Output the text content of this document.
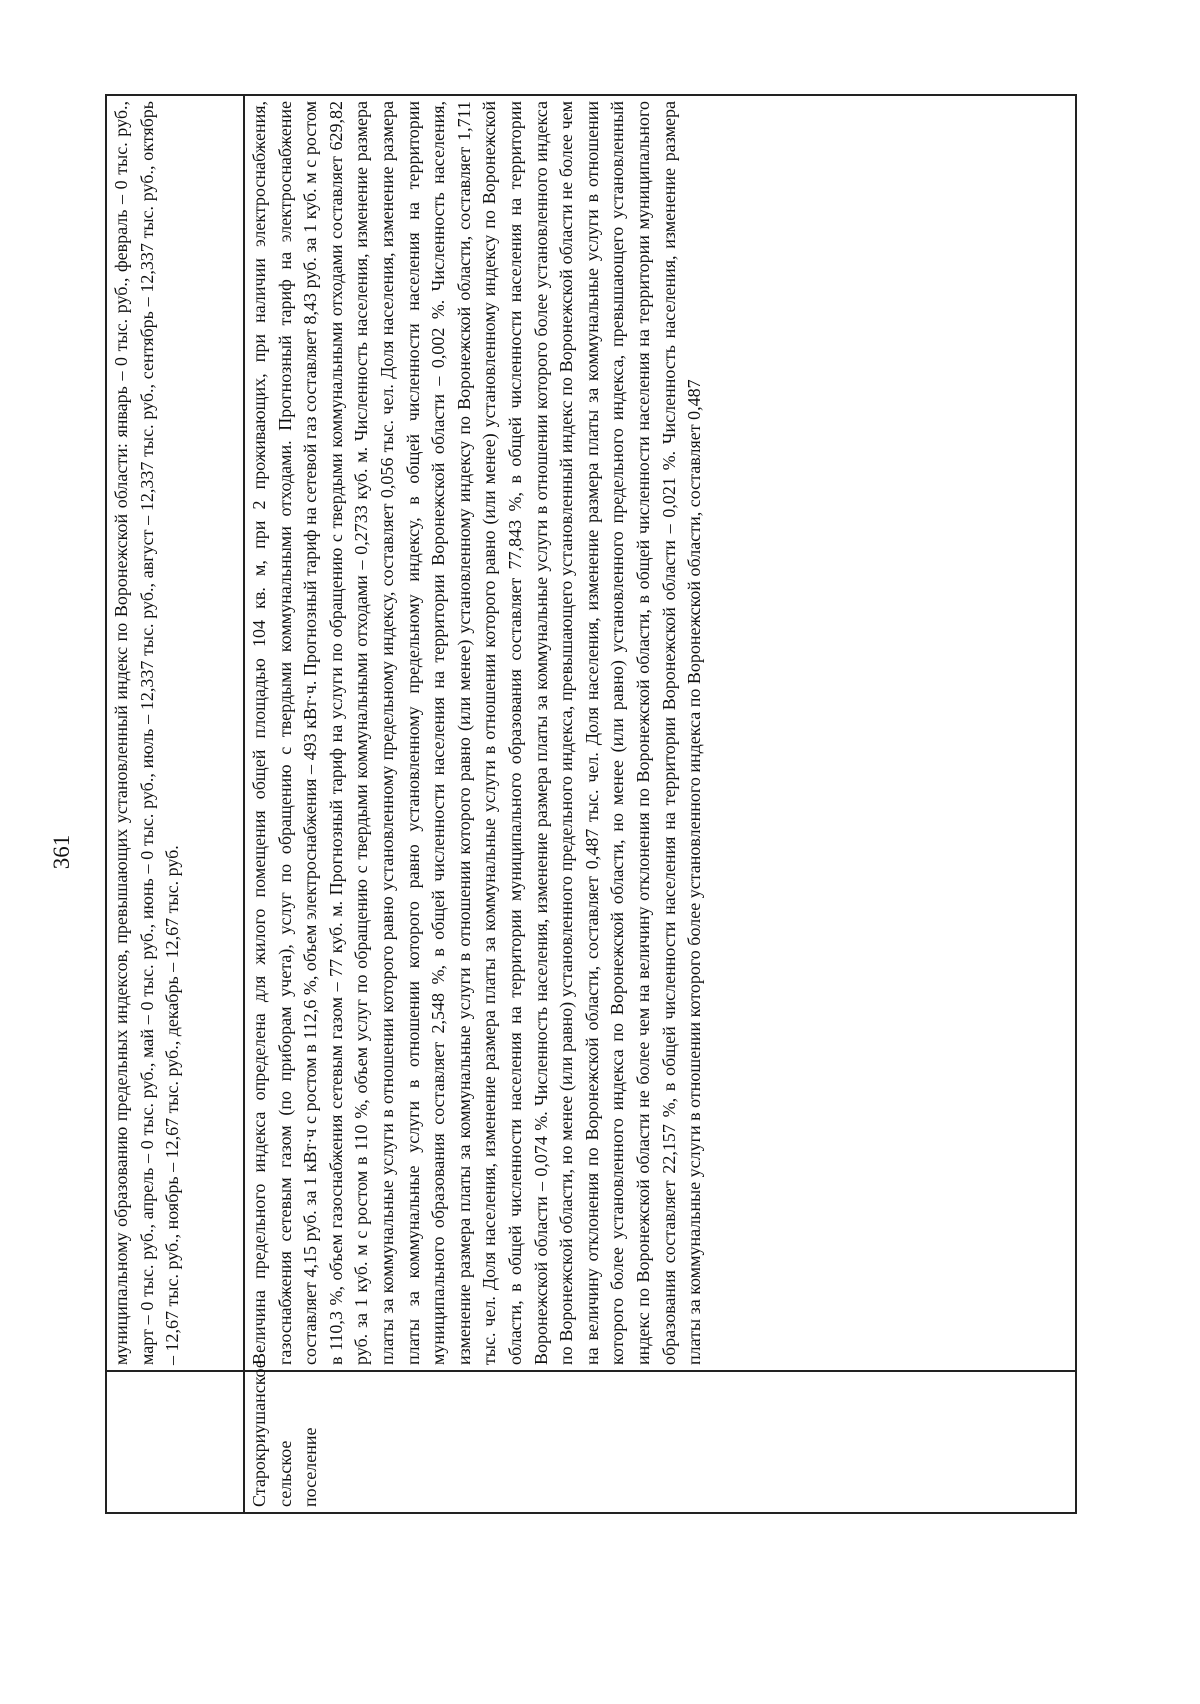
361
	муниципальному образованию предельных индексов, превышающих установленный индекс по Воронежской области: январь – 0 тыс. руб., февраль – 0 тыс. руб., март – 0 тыс. руб., апрель – 0 тыс. руб., май – 0 тыс. руб., июнь – 0 тыс. руб., июль – 12,337 тыс. руб., август – 12,337 тыс. руб., сентябрь – 12,337 тыс. руб., октябрь – 12,67 тыс. руб., ноябрь – 12,67 тыс. руб., декабрь – 12,67 тыс. руб.
Старокриушанское сельское поселение	Величина предельного индекса определена для жилого помещения общей площадью 104 кв. м, при 2 проживающих, при наличии электроснабжения, газоснабжения сетевым газом (по приборам учета), услуг по обращению с твердыми коммунальными отходами. Прогнозный тариф на электроснабжение составляет 4,15 руб. за 1 кВт·ч с ростом в 112,6 %, объем электроснабжения – 493 кВт·ч. Прогнозный тариф на сетевой газ составляет 8,43 руб. за 1 куб. м с ростом в 110,3 %, объем газоснабжения сетевым газом – 77 куб. м. Прогнозный тариф на услуги по обращению с твердыми коммунальными отходами составляет 629,82 руб. за 1 куб. м с ростом в 110 %, объем услуг по обращению с твердыми коммунальными отходами – 0,2733 куб. м. Численность населения, изменение размера платы за коммунальные услуги в отношении которого равно установленному предельному индексу, составляет 0,056 тыс. чел. Доля населения, изменение размера платы за коммунальные услуги в отношении которого равно установленному предельному индексу, в общей численности населения на территории муниципального образования составляет 2,548 %, в общей численности населения на территории Воронежской области – 0,002 %. Численность населения, изменение размера платы за коммунальные услуги в отношении которого равно (или менее) установленному индексу по Воронежской области, составляет 1,711 тыс. чел. Доля населения, изменение размера платы за коммунальные услуги в отношении которого равно (или менее) установленному индексу по Воронежской области, в общей численности населения на территории муниципального образования составляет 77,843 %, в общей численности населения на территории Воронежской области – 0,074 %. Численность населения, изменение размера платы за коммунальные услуги в отношении которого более установленного индекса по Воронежской области, но менее (или равно) установленного предельного индекса, превышающего установленный индекс по Воронежской области не более чем на величину отклонения по Воронежской области, составляет 0,487 тыс. чел. Доля населения, изменение размера платы за коммунальные услуги в отношении которого более установленного индекса по Воронежской области, но менее (или равно) установленного предельного индекса, превышающего установленный индекс по Воронежской области не более чем на величину отклонения по Воронежской области, в общей численности населения на территории муниципального образования составляет 22,157 %, в общей численности населения на территории Воронежской области – 0,021 %. Численность населения, изменение размера платы за коммунальные услуги в отношении которого более установленного индекса по Воронежской области, составляет 0,487
